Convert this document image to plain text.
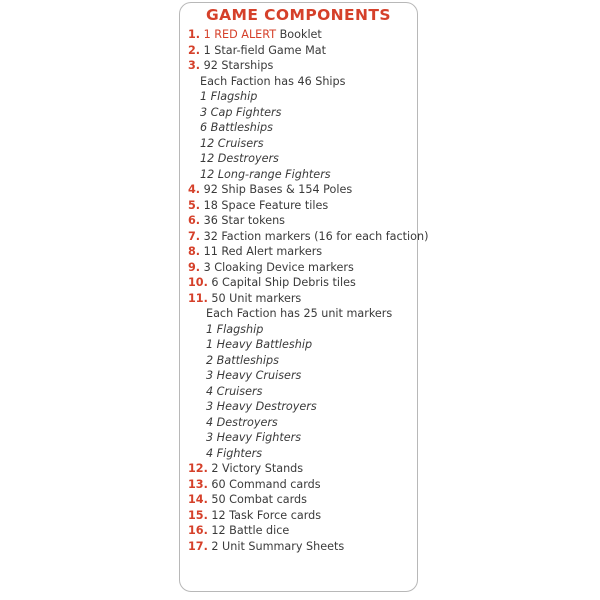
GAME COMPONENTS
1. 1 RED ALERT Booklet
2. 1 Star-field Game Mat
3. 92 Starships
Each Faction has 46 Ships
1 Flagship
3 Cap Fighters
6 Battleships
12 Cruisers
12 Destroyers
12 Long-range Fighters
4. 92 Ship Bases & 154 Poles
5. 18 Space Feature tiles
6. 36 Star tokens
7. 32 Faction markers (16 for each faction)
8. 11 Red Alert markers
9. 3 Cloaking Device markers
10. 6 Capital Ship Debris tiles
11. 50 Unit markers
Each Faction has 25 unit markers
1 Flagship
1 Heavy Battleship
2 Battleships
3 Heavy Cruisers
4 Cruisers
3 Heavy Destroyers
4 Destroyers
3 Heavy Fighters
4 Fighters
12. 2 Victory Stands
13. 60 Command cards
14. 50 Combat cards
15. 12 Task Force cards
16. 12 Battle dice
17. 2 Unit Summary Sheets
